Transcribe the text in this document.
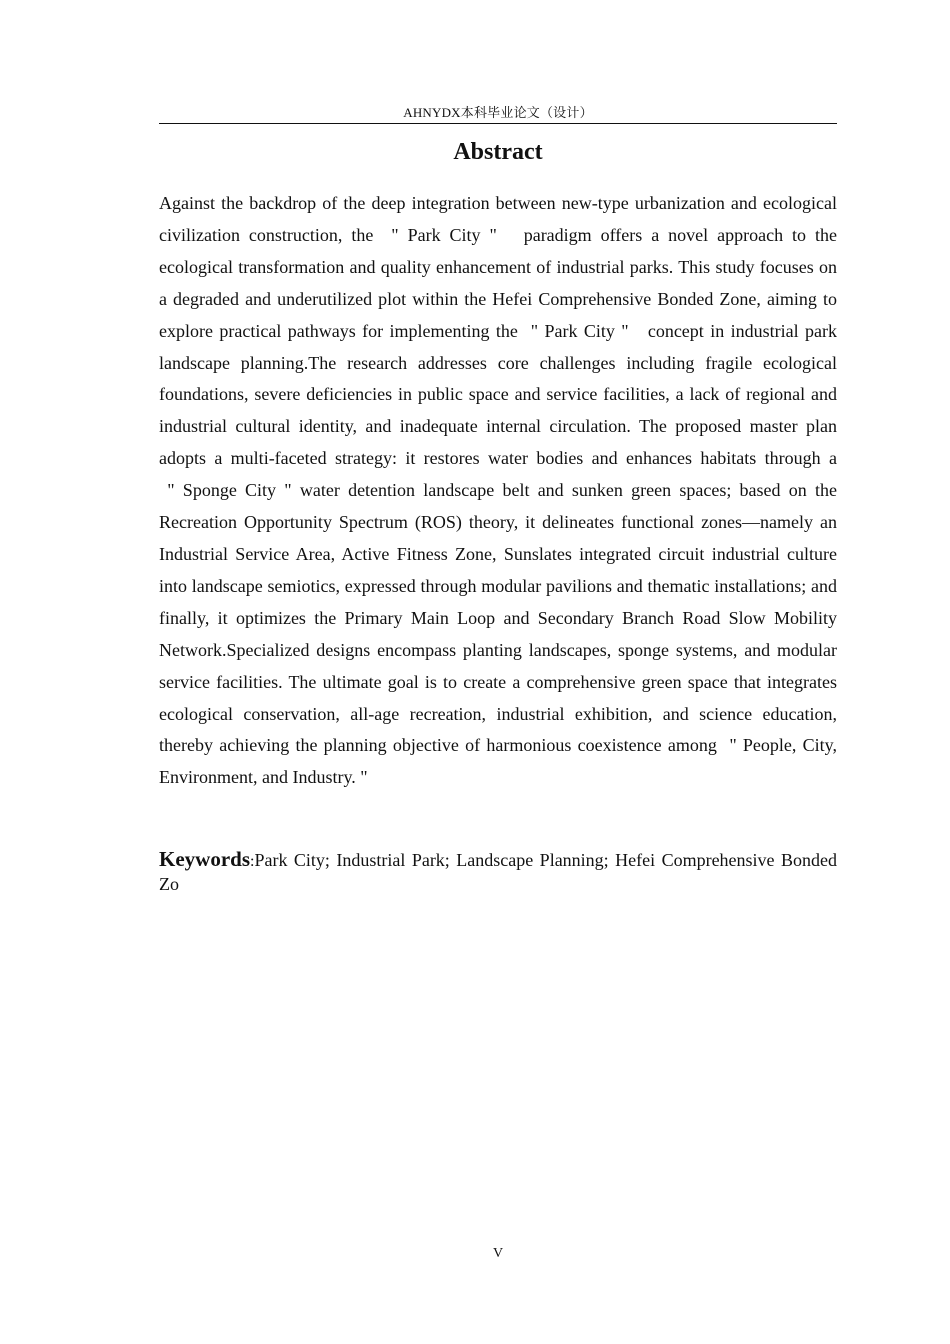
AHNYDX本科毕业论文（设计）
Abstract

Against the backdrop of the deep integration between new-type urbanization and ecological civilization construction, the  " Park City "   paradigm offers a novel approach to the ecological transformation and quality enhancement of industrial parks. This study focuses on a degraded and underutilized plot within the Hefei Comprehensive Bonded Zone, aiming to explore practical pathways for implementing the  " Park City "   concept in industrial park landscape planning.The research addresses core challenges including fragile ecological foundations, severe deficiencies in public space and service facilities, a lack of regional and industrial cultural identity, and inadequate internal circulation. The proposed master plan adopts a multi-faceted strategy: it restores water bodies and enhances habitats through a  " Sponge City " water detention landscape belt and sunken green spaces; based on the Recreation Opportunity Spectrum (ROS) theory, it delineates functional zones—namely an Industrial Service Area, Active Fitness Zone, Sunslates integrated circuit industrial culture into landscape semiotics, expressed through modular pavilions and thematic installations; and finally, it optimizes the Primary Main Loop and Secondary Branch Road Slow Mobility Network.Specialized designs encompass planting landscapes, sponge systems, and modular service facilities. The ultimate goal is to create a comprehensive green space that integrates ecological conservation, all-age recreation, industrial exhibition, and science education, thereby achieving the planning objective of harmonious coexistence among  " People, City, Environment, and Industry. "

Keywords:Park City; Industrial Park; Landscape Planning; Hefei Comprehensive Bonded Zo

V
